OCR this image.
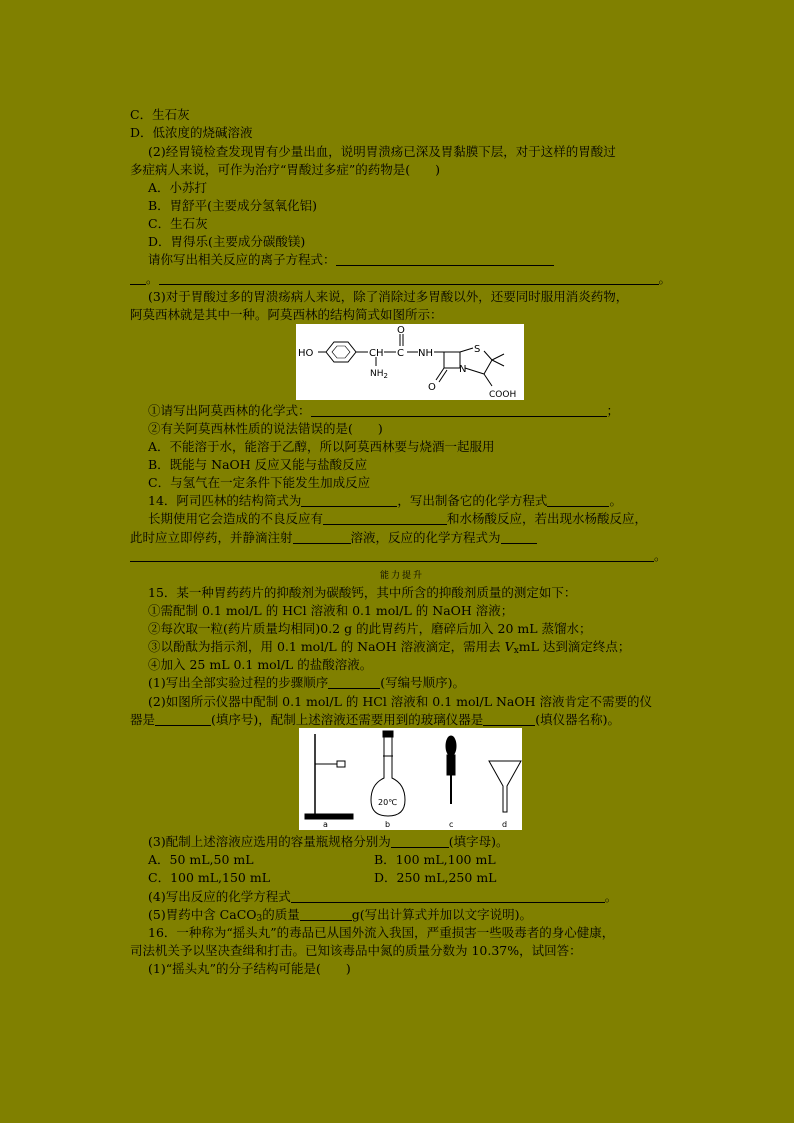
C．生石灰
D．低浓度的烧碱溶液
(2)经胃镜检查发现胃有少量出血，说明胃溃疡已深及胃黏膜下层，对于这样的胃酸过
多症病人来说，可作为治疗“胃酸过多症”的药物是(　　)
A．小苏打
B．胃舒平(主要成分氢氧化铝)
C．生石灰
D．胃得乐(主要成分碳酸镁)
请你写出相关反应的离子方程式：
。	。
(3)对于胃酸过多的胃溃疡病人来说，除了消除过多胃酸以外，还要同时服用消炎药物，
阿莫西林就是其中一种。阿莫西林的结构简式如图所示：
HO	CH C
O
NH
$NH_2$
S
N
O
COOH
①请写出阿莫西林的化学式：	；
②有关阿莫西林性质的说法错误的是(　　)
A．不能溶于水，能溶于乙醇，所以阿莫西林要与烧酒一起服用
B．既能与 NaOH 反应又能与盐酸反应
C．与氢气在一定条件下能发生加成反应
14．阿司匹林的结构简式为	，写出制备它的化学方程式	。
长期使用它会造成的不良反应有	和水杨酸反应，若出现水杨酸反应，
此时应立即停药，并静滴注射	溶液，反应的化学方程式为
。
能力提升
15．某一种胃药药片的抑酸剂为碳酸钙，其中所含的抑酸剂质量的测定如下：
①需配制 0.1 mol/L 的 HCl 溶液和 0.1 mol/L 的 NaOH 溶液；
②每次取一粒(药片质量均相同)0.2 g 的此胃药片，磨碎后加入 20 mL 蒸馏水；
③以酚酞为指示剂，用 0.1 mol/L 的 NaOH 溶液滴定，需用去 $V_xmL$ 达到滴定终点；
④加入 25 mL 0.1 mol/L 的盐酸溶液。
(1)写出全部实验过程的步骤顺序	(写编号顺序)。
(2)如图所示仪器中配制 0.1 mol/L 的 HCl 溶液和 0.1 mol/L NaOH 溶液肯定不需要的仪
器是	(填序号)，配制上述溶液还需要用到的玻璃仪器是	(填仪器名称)。
20℃
a	b	c	d
(3)配制上述溶液应选用的容量瓶规格分别为	(填字母)。
A．50 mL,50 mL	B．100 mL,100 mL
C．100 mL,150 mL	D．250 mL,250 mL
(4)写出反应的化学方程式	。
(5)胃药中含 CaCO$_3$的质量	g(写出计算式并加以文字说明)。
16．一种称为“摇头丸”的毒品已从国外流入我国，严重损害一些吸毒者的身心健康，
司法机关予以坚决查缉和打击。已知该毒品中氮的质量分数为 10.37%，试回答：
(1)“摇头丸”的分子结构可能是(　　)
